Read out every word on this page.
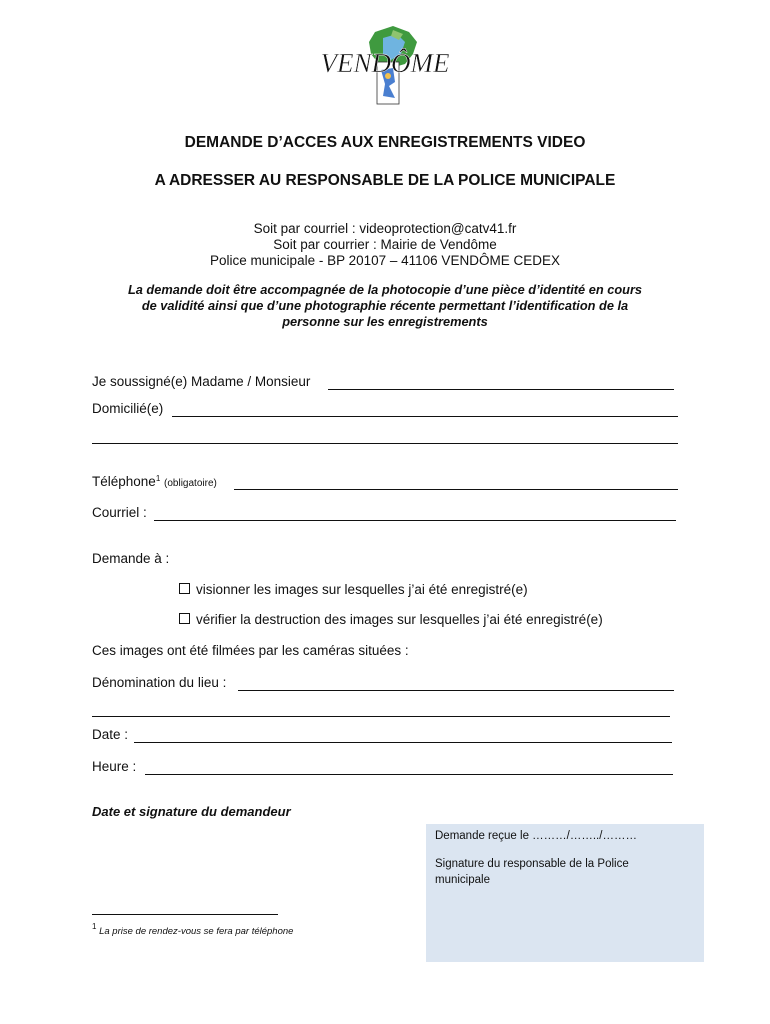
VENDÔME
DEMANDE D’ACCES AUX ENREGISTREMENTS VIDEO
A ADRESSER AU RESPONSABLE DE LA POLICE MUNICIPALE
Soit par courriel : videoprotection@catv41.fr
Soit par courrier : Mairie de Vendôme
Police municipale - BP 20107 – 41106 VENDÔME CEDEX
La demande doit être accompagnée de la photocopie d’une pièce d’identité en cours
de validité ainsi que d’une photographie récente permettant l’identification de la
personne sur les enregistrements
Je soussigné(e) Madame / Monsieur
Domicilié(e)
Téléphone$^1$ (obligatoire)
Courriel :
Demande à :
visionner les images sur lesquelles j’ai été enregistré(e)
vérifier la destruction des images sur lesquelles j’ai été enregistré(e)
Ces images ont été filmées par les caméras situées :
Dénomination du lieu :
Date :
Heure :
Date et signature du demandeur
Demande reçue le ………/……../………
Signature du responsable de la Police
municipale
$^1$ La prise de rendez-vous se fera par téléphone
